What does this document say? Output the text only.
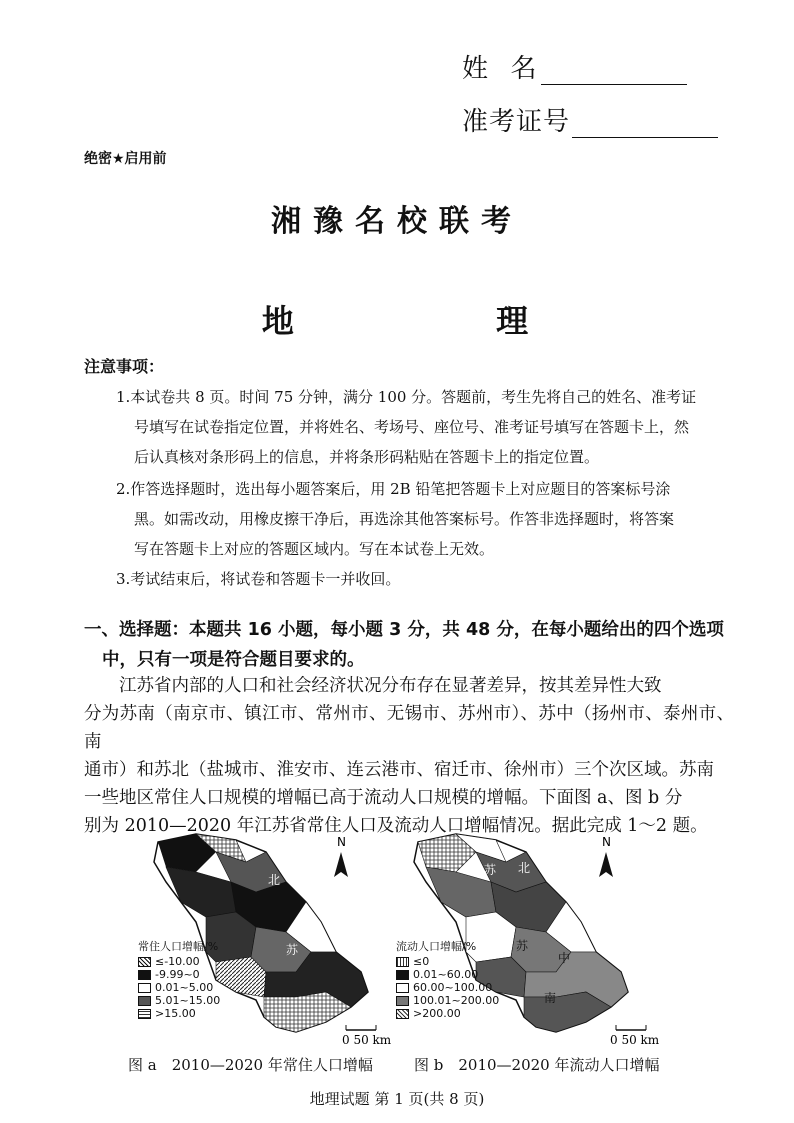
姓  名
准考证号
绝密★启用前
湘豫名校联考
地  理
注意事项：
1.本试卷共 8 页。时间 75 分钟，满分 100 分。答题前，考生先将自己的姓名、准考证
号填写在试卷指定位置，并将姓名、考场号、座位号、准考证号填写在答题卡上，然
后认真核对条形码上的信息，并将条形码粘贴在答题卡上的指定位置。
2.作答选择题时，选出每小题答案后，用 2B 铅笔把答题卡上对应题目的答案标号涂
黑。如需改动，用橡皮擦干净后，再选涂其他答案标号。作答非选择题时，将答案
写在答题卡上对应的答题区域内。写在本试卷上无效。
3.考试结束后，将试卷和答题卡一并收回。
一、选择题：本题共 16 小题，每小题 3 分，共 48 分，在每小题给出的四个选项
中，只有一项是符合题目要求的。
　　江苏省内部的人口和社会经济状况分布存在显著差异，按其差异性大致
分为苏南（南京市、镇江市、常州市、无锡市、苏州市）、苏中（扬州市、泰州市、南
通市）和苏北（盐城市、淮安市、连云港市、宿迁市、徐州市）三个次区域。苏南
一些地区常住人口规模的增幅已高于流动人口规模的增幅。下面图 a、图 b 分
别为 2010—2020 年江苏省常住人口及流动人口增幅情况。据此完成 1～2 题。
北
苏
N
0 50 km
常住人口增幅/%
≤-10.00
-9.99~0
0.01~5.00
5.01~15.00
>15.00
苏 北
苏
中
南
N
0 50 km
流动人口增幅/%
≤0
0.01~60.00
60.00~100.00
100.01~200.00
>200.00
图 a　2010—2020 年常住人口增幅	图 b　2010—2020 年流动人口增幅
地理试题 第 1 页(共 8 页)
